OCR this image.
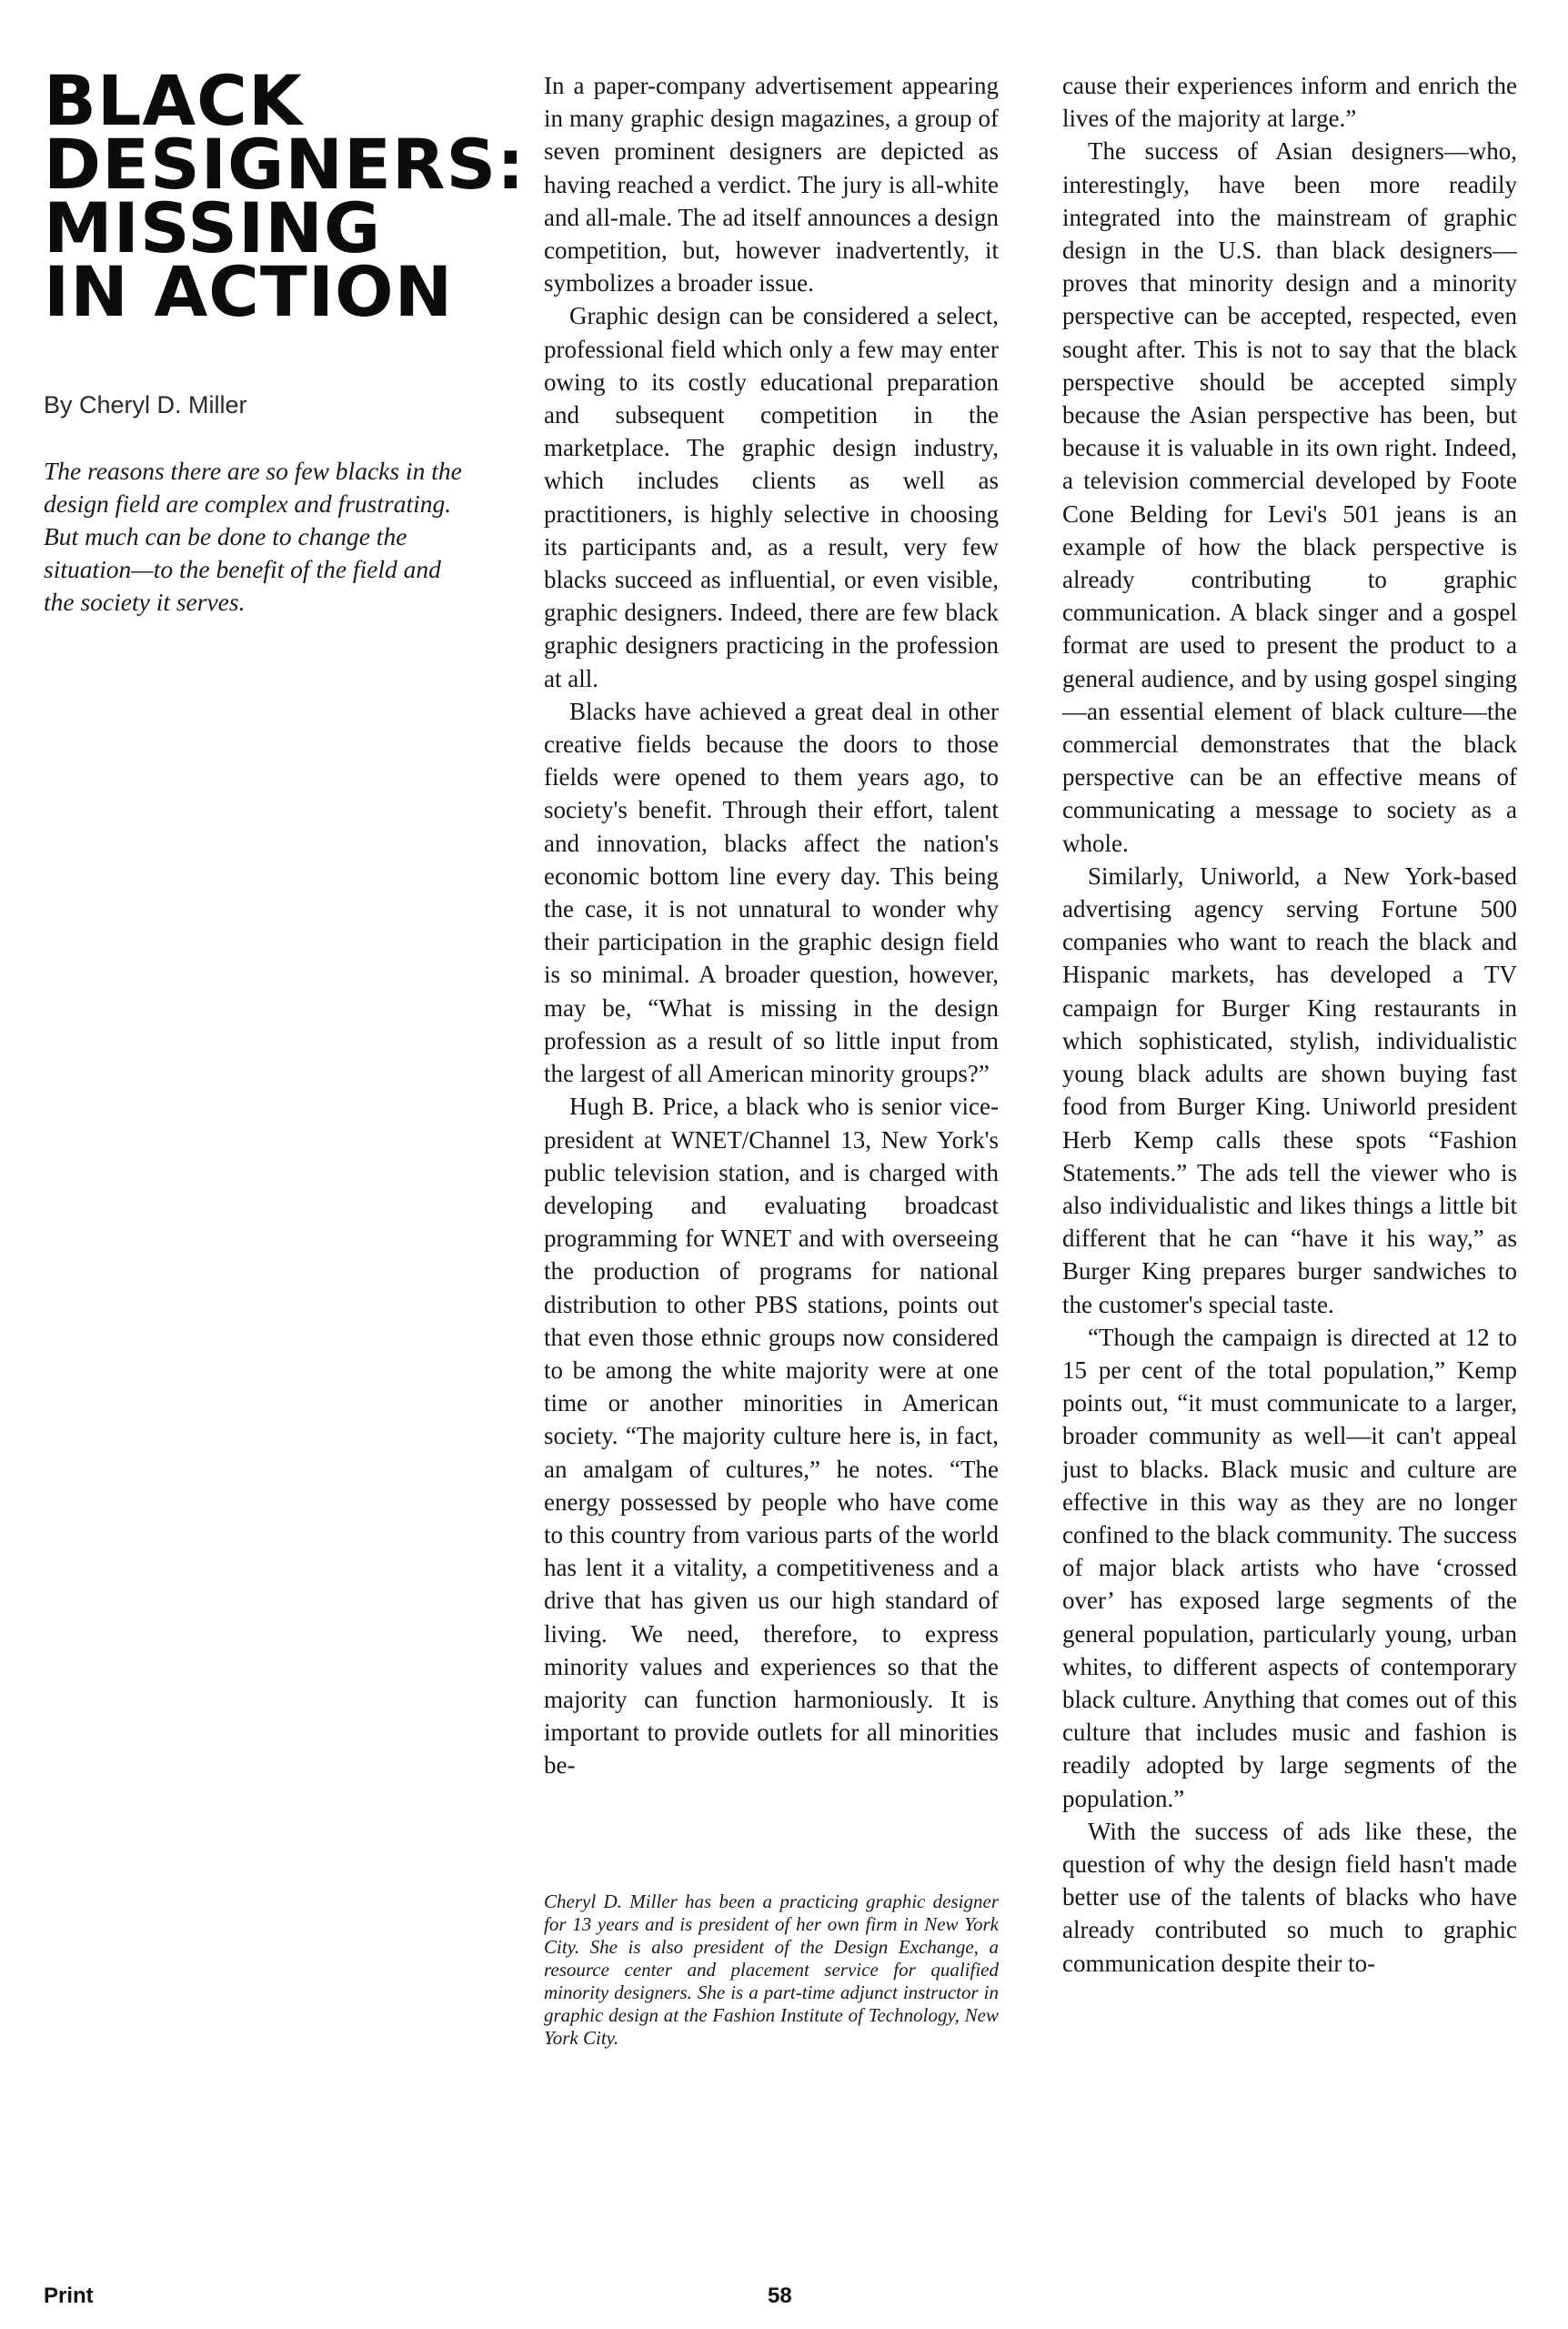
BLACK
DESIGNERS:
MISSING
IN ACTION
By Cheryl D. Miller
The reasons there are so few blacks in the design field are complex and frustrating. But much can be done to change the situation—to the benefit of the field and the society it serves.

In a paper-company advertisement appearing in many graphic design magazines, a group of seven prominent designers are depicted as having reached a verdict. The jury is all-white and all-male. The ad itself announces a design competition, but, however inadvertently, it symbolizes a broader issue.

Graphic design can be considered a select, professional field which only a few may enter owing to its costly educational preparation and subsequent competition in the marketplace. The graphic design industry, which includes clients as well as practitioners, is highly selective in choosing its participants and, as a result, very few blacks succeed as influential, or even visible, graphic designers. Indeed, there are few black graphic designers practicing in the profession at all.

Blacks have achieved a great deal in other creative fields because the doors to those fields were opened to them years ago, to society's benefit. Through their effort, talent and innovation, blacks affect the nation's economic bottom line every day. This being the case, it is not unnatural to wonder why their participation in the graphic design field is so minimal. A broader question, however, may be, “What is missing in the design profession as a result of so little input from the largest of all American minority groups?”

Hugh B. Price, a black who is senior vice-president at WNET/Channel 13, New York's public television station, and is charged with developing and evaluating broadcast programming for WNET and with overseeing the production of programs for national distribution to other PBS stations, points out that even those ethnic groups now considered to be among the white majority were at one time or another minorities in American society. “The majority culture here is, in fact, an amalgam of cultures,” he notes. “The energy possessed by people who have come to this country from various parts of the world has lent it a vitality, a competitiveness and a drive that has given us our high standard of living. We need, therefore, to express minority values and experiences so that the majority can function harmoniously. It is important to provide outlets for all minorities be-

Cheryl D. Miller has been a practicing graphic designer for 13 years and is president of her own firm in New York City. She is also president of the Design Exchange, a resource center and placement service for qualified minority designers. She is a part-time adjunct instructor in graphic design at the Fashion Institute of Technology, New York City.

cause their experiences inform and enrich the lives of the majority at large.”

The success of Asian designers—who, interestingly, have been more readily integrated into the mainstream of graphic design in the U.S. than black designers—proves that minority design and a minority perspective can be accepted, respected, even sought after. This is not to say that the black perspective should be accepted simply because the Asian perspective has been, but because it is valuable in its own right. Indeed, a television commercial developed by Foote Cone Belding for Levi's 501 jeans is an example of how the black perspective is already contributing to graphic communication. A black singer and a gospel format are used to present the product to a general audience, and by using gospel singing—an essential element of black culture—the commercial demonstrates that the black perspective can be an effective means of communicating a message to society as a whole.

Similarly, Uniworld, a New York-based advertising agency serving Fortune 500 companies who want to reach the black and Hispanic markets, has developed a TV campaign for Burger King restaurants in which sophisticated, stylish, individualistic young black adults are shown buying fast food from Burger King. Uniworld president Herb Kemp calls these spots “Fashion Statements.” The ads tell the viewer who is also individualistic and likes things a little bit different that he can “have it his way,” as Burger King prepares burger sandwiches to the customer's special taste.

“Though the campaign is directed at 12 to 15 per cent of the total population,” Kemp points out, “it must communicate to a larger, broader community as well—it can't appeal just to blacks. Black music and culture are effective in this way as they are no longer confined to the black community. The success of major black artists who have ‘crossed over’ has exposed large segments of the general population, particularly young, urban whites, to different aspects of contemporary black culture. Anything that comes out of this culture that includes music and fashion is readily adopted by large segments of the population.”

With the success of ads like these, the question of why the design field hasn't made better use of the talents of blacks who have already contributed so much to graphic communication despite their to-

Print	58
